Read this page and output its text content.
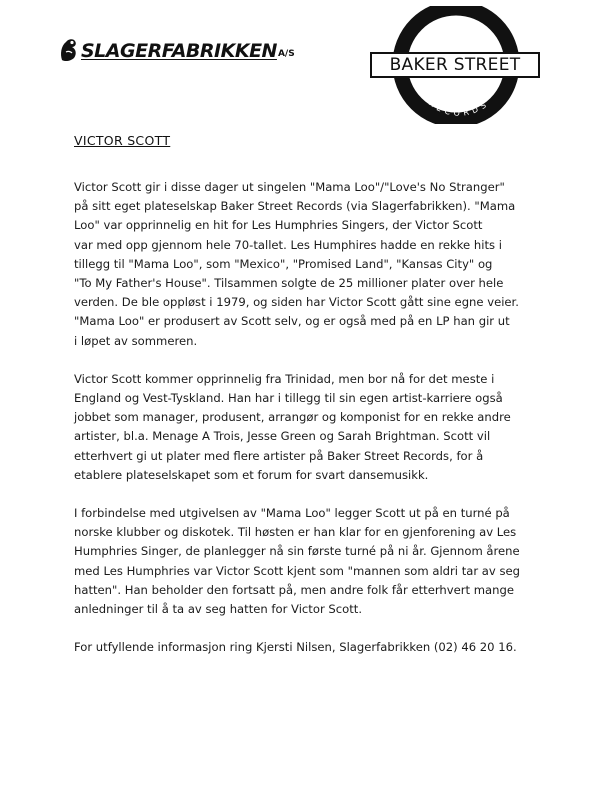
SLAGERFABRIKKEN A/S
BAKER STREET
RECORDS
VICTOR SCOTT

Victor Scott gir i disse dager ut singelen "Mama Loo"/"Love's No Stranger"
på sitt eget plateselskap Baker Street Records (via Slagerfabrikken). "Mama
Loo" var opprinnelig en hit for Les Humphries Singers, der Victor Scott
var med opp gjennom hele 70-tallet. Les Humphires hadde en rekke hits i
tillegg til "Mama Loo", som "Mexico", "Promised Land", "Kansas City" og
"To My Father's House". Tilsammen solgte de 25 millioner plater over hele
verden. De ble oppløst i 1979, og siden har Victor Scott gått sine egne veier.
"Mama Loo" er produsert av Scott selv, og er også med på en LP han gir ut
i løpet av sommeren.

Victor Scott kommer opprinnelig fra Trinidad, men bor nå for det meste i
England og Vest-Tyskland. Han har i tillegg til sin egen artist-karriere også
jobbet som manager, produsent, arrangør og komponist for en rekke andre
artister, bl.a. Menage A Trois, Jesse Green og Sarah Brightman. Scott vil
etterhvert gi ut plater med flere artister på Baker Street Records, for å
etablere plateselskapet som et forum for svart dansemusikk.

I forbindelse med utgivelsen av "Mama Loo" legger Scott ut på en turné på
norske klubber og diskotek. Til høsten er han klar for en gjenforening av Les
Humphries Singer, de planlegger nå sin første turné på ni år. Gjennom årene
med Les Humphries var Victor Scott kjent som "mannen som aldri tar av seg
hatten". Han beholder den fortsatt på, men andre folk får etterhvert mange
anledninger til å ta av seg hatten for Victor Scott.

For utfyllende informasjon ring Kjersti Nilsen, Slagerfabrikken (02) 46 20 16.
